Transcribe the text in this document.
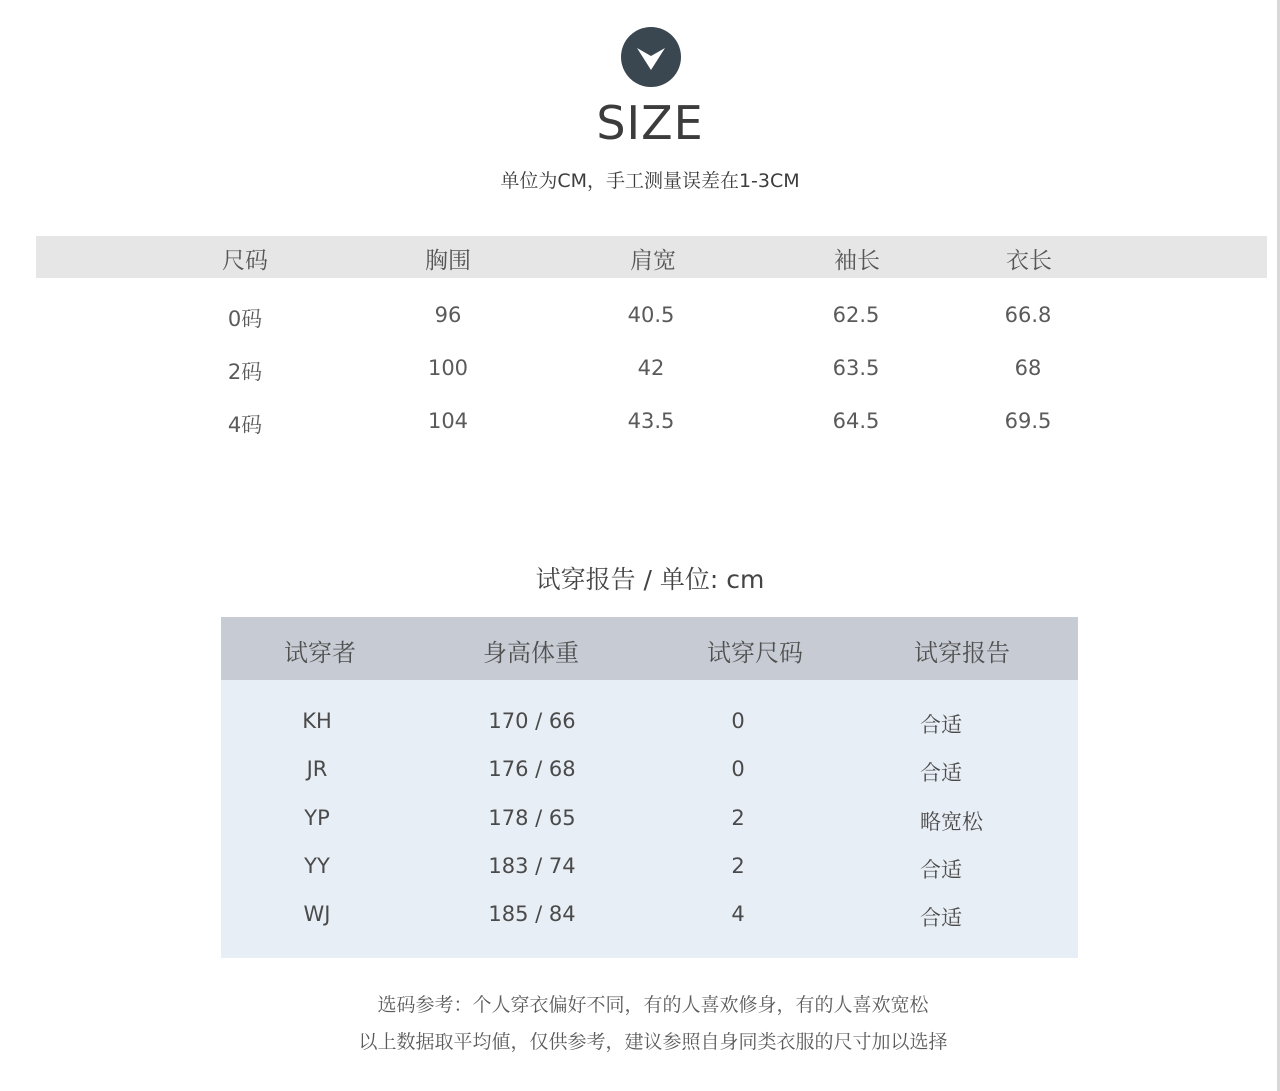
SIZE
单位为CM，手工测量误差在1-3CM
尺码	胸围	肩宽	袖长	衣长
0码	96	40.5	62.5	66.8
2码	100	42	63.5	68
4码	104	43.5	64.5	69.5
试穿报告 / 单位: cm
试穿者	身高体重	试穿尺码	试穿报告
KH	170 / 66	0	合适
JR	176 / 68	0	合适
YP	178 / 65	2	略宽松
YY	183 / 74	2	合适
WJ	185 / 84	4	合适
选码参考：个人穿衣偏好不同，有的人喜欢修身，有的人喜欢宽松
以上数据取平均値，仅供参考，建议参照自身同类衣服的尺寸加以选择
